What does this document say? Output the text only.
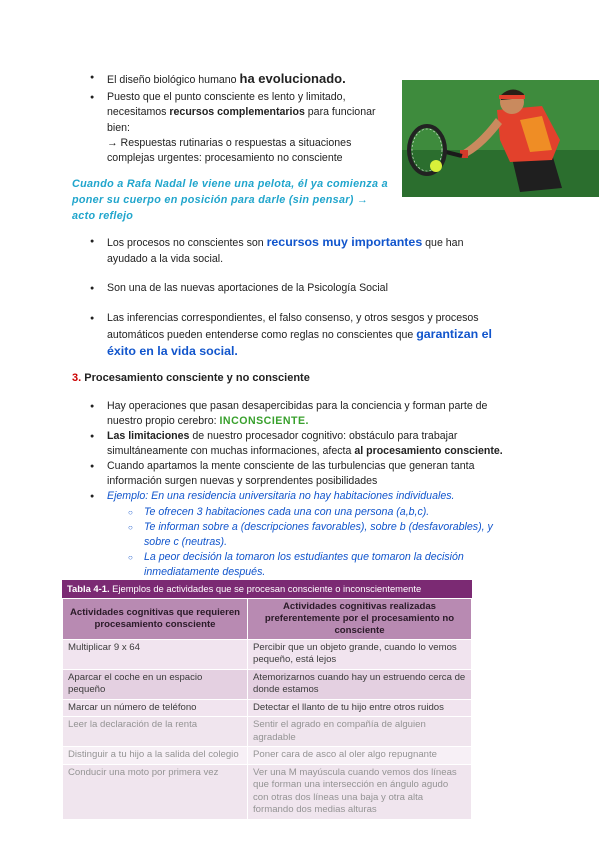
● El diseño biológico humano ha evolucionado.
● Puesto que el punto consciente es lento y limitado, necesitamos recursos complementarios para funcionar bien:
→ Respuestas rutinarias o respuestas a situaciones complejas urgentes: procesamiento no consciente
Cuando a Rafa Nadal le viene una pelota, él ya comienza a poner su cuerpo en posición para darle (sin pensar) → acto reflejo
● Los procesos no conscientes son recursos muy importantes que han ayudado a la vida social.
● Son una de las nuevas aportaciones de la Psicología Social
● Las inferencias correspondientes, el falso consenso, y otros sesgos y procesos automáticos pueden entenderse como reglas no conscientes que garantizan el éxito en la vida social.
3. Procesamiento consciente y no consciente
● Hay operaciones que pasan desapercibidas para la conciencia y forman parte de nuestro propio cerebro: INCONSCIENTE.
● Las limitaciones de nuestro procesador cognitivo: obstáculo para trabajar simultáneamente con muchas informaciones, afecta al procesamiento consciente.
● Cuando apartamos la mente consciente de las turbulencias que generan tanta información surgen nuevas y sorprendentes posibilidades
● Ejemplo: En una residencia universitaria no hay habitaciones individuales.
○ Te ofrecen 3 habitaciones cada una con una persona (a,b,c).
○ Te informan sobre a (descripciones favorables), sobre b (desfavorables), y sobre c (neutras).
○ La peor decisión la tomaron los estudiantes que tomaron la decisión inmediatamente después.
Tabla 4-1. Ejemplos de actividades que se procesan consciente o inconscientemente
Actividades cognitivas que requieren procesamiento consciente	Actividades cognitivas realizadas preferentemente por el procesamiento no consciente
Multiplicar 9 x 64	Percibir que un objeto grande, cuando lo vemos pequeño, está lejos
Aparcar el coche en un espacio pequeño	Atemorizarnos cuando hay un estruendo cerca de donde estamos
Marcar un número de teléfono	Detectar el llanto de tu hijo entre otros ruidos
Leer la declaración de la renta	Sentir el agrado en compañía de alguien agradable
Distinguir a tu hijo a la salida del colegio	Poner cara de asco al oler algo repugnante
Conducir una moto por primera vez	Ver una M mayúscula cuando vemos dos líneas que forman una intersección en ángulo agudo con otras dos líneas una baja y otra alta formando dos medias alturas
